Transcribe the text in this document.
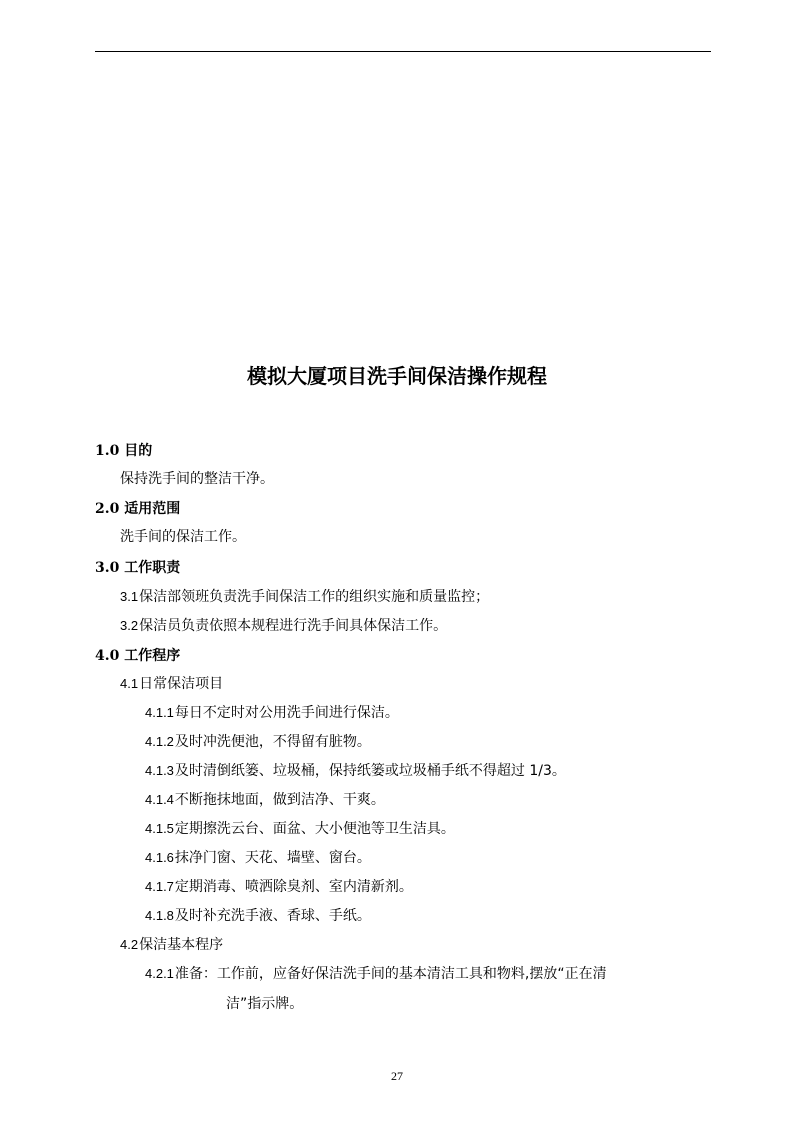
模拟大厦项目洗手间保洁操作规程
1.0 目的
保持洗手间的整洁干净。
2.0 适用范围
洗手间的保洁工作。
3.0 工作职责
3.1保洁部领班负责洗手间保洁工作的组织实施和质量监控；
3.2保洁员负责依照本规程进行洗手间具体保洁工作。
4.0 工作程序
4.1日常保洁项目
4.1.1每日不定时对公用洗手间进行保洁。
4.1.2及时冲洗便池，不得留有脏物。
4.1.3及时清倒纸篓、垃圾桶，保持纸篓或垃圾桶手纸不得超过 1/3。
4.1.4不断拖抹地面，做到洁净、干爽。
4.1.5定期擦洗云台、面盆、大小便池等卫生洁具。
4.1.6抹净门窗、天花、墙壁、窗台。
4.1.7定期消毒、喷洒除臭剂、室内清新剂。
4.1.8及时补充洗手液、香球、手纸。
4.2保洁基本程序
4.2.1准备：工作前，应备好保洁洗手间的基本清洁工具和物料,摆放“正在清
洁”指示牌。
27
